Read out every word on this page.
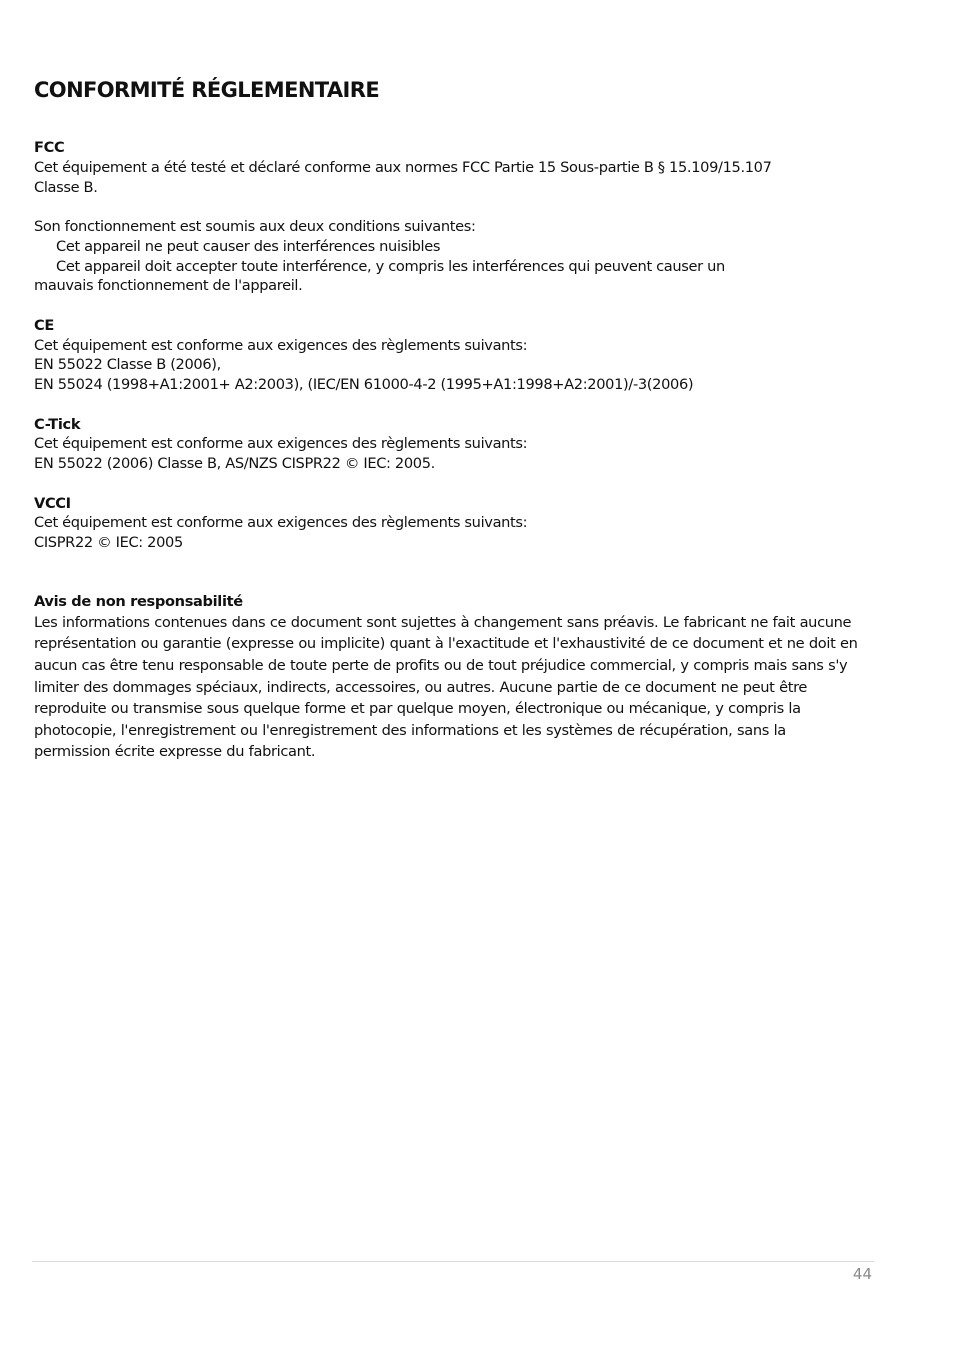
CONFORMITÉ RÉGLEMENTAIRE

FCC

Cet équipement a été testé et déclaré conforme aux normes FCC Partie 15 Sous-partie B § 15.109/15.107

Classe B.

Son fonctionnement est soumis aux deux conditions suivantes:

Cet appareil ne peut causer des interférences nuisibles

Cet appareil doit accepter toute interférence, y compris les interférences qui peuvent causer un

mauvais fonctionnement de l'appareil.

CE

Cet équipement est conforme aux exigences des règlements suivants:

EN 55022 Classe B (2006),

EN 55024 (1998+A1:2001+ A2:2003), (IEC/EN 61000-4-2 (1995+A1:1998+A2:2001)/-3(2006)

C-Tick

Cet équipement est conforme aux exigences des règlements suivants:

EN 55022 (2006) Classe B, AS/NZS CISPR22 © IEC: 2005.

VCCI

Cet équipement est conforme aux exigences des règlements suivants:

CISPR22 © IEC: 2005

Avis de non responsabilité

Les informations contenues dans ce document sont sujettes à changement sans préavis. Le fabricant ne fait aucune représentation ou garantie (expresse ou implicite) quant à l'exactitude et l'exhaustivité de ce document et ne doit en aucun cas être tenu responsable de toute perte de profits ou de tout préjudice commercial, y compris mais sans s'y limiter des dommages spéciaux, indirects, accessoires, ou autres. Aucune partie de ce document ne peut être reproduite ou transmise sous quelque forme et par quelque moyen, électronique ou mécanique, y compris la photocopie, l'enregistrement ou l'enregistrement des informations et les systèmes de récupération, sans la permission écrite expresse du fabricant.

44
